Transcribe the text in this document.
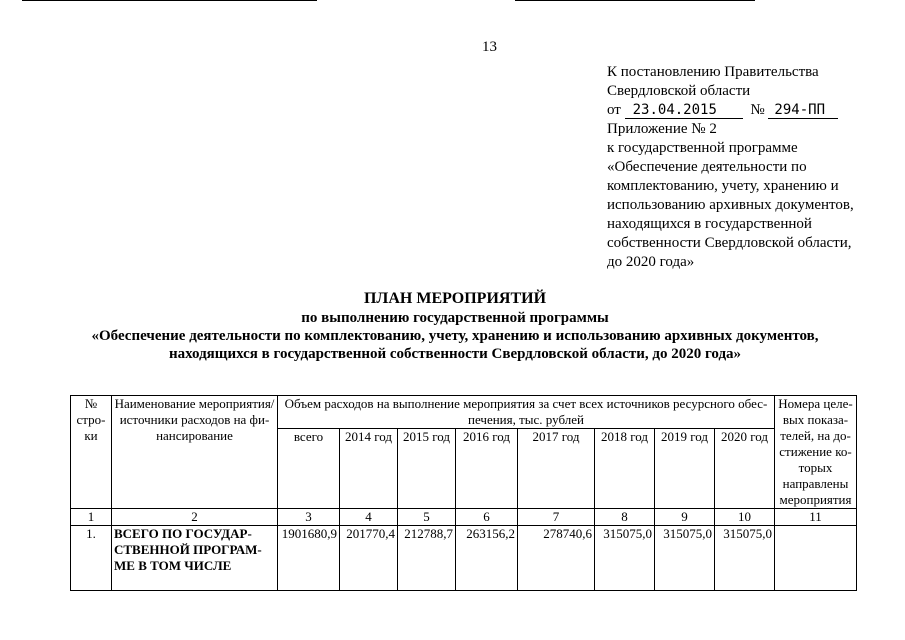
13
К постановлению Правительства
Свердловской области
от 23.04.2015 № 294-ПП
Приложение № 2
к государственной программе
«Обеспечение деятельности по
комплектованию, учету, хранению и
использованию архивных документов,
находящихся в государственной
собственности Свердловской области,
до 2020 года»
ПЛАН МЕРОПРИЯТИЙ
по выполнению государственной программы
«Обеспечение деятельности по комплектованию, учету, хранению и использованию архивных документов,
находящихся в государственной собственности Свердловской области, до 2020 года»
№ стро-ки	Наименование мероприятия/ источники расходов на фи-нансирование	Объем расходов на выполнение мероприятия за счет всех источников ресурсного обес-печения, тыс. рублей								Номера целе-вых показа-телей, на до-стижение ко-торых направлены мероприятия
		всего	2014 год	2015 год	2016 год	2017 год	2018 год	2019 год	2020 год	
1	2	3	4	5	6	7	8	9	10	11
1.	ВСЕГО ПО ГОСУДАР-СТВЕННОЙ ПРОГРАМ-МЕ В ТОМ ЧИСЛЕ	1901680,9	201770,4	212788,7	263156,2	278740,6	315075,0	315075,0	315075,0	
